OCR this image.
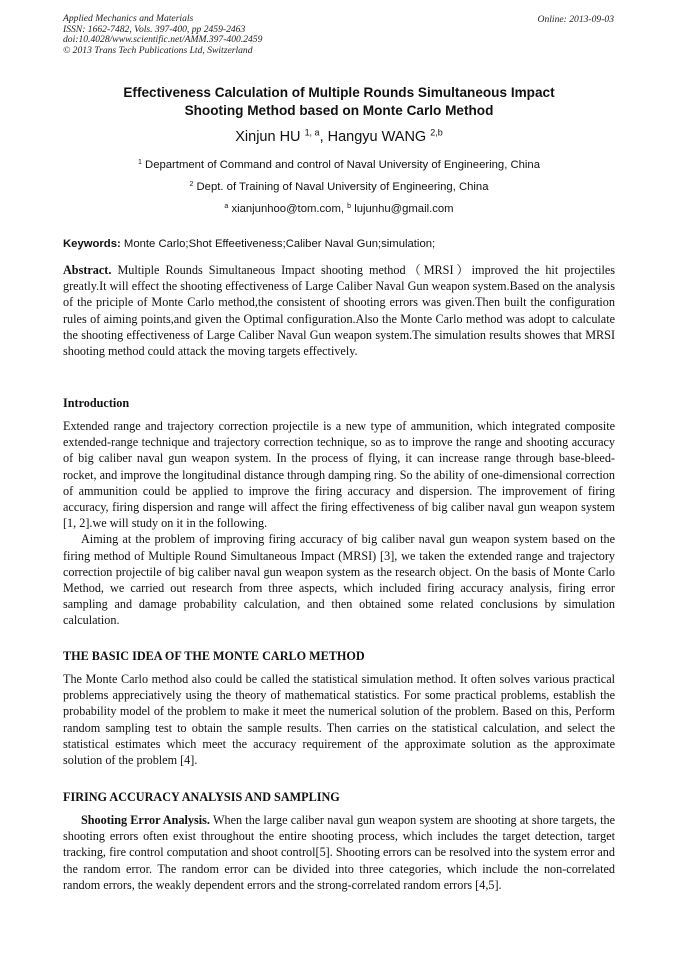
Applied Mechanics and Materials
ISSN: 1662-7482, Vols. 397-400, pp 2459-2463
doi:10.4028/www.scientific.net/AMM.397-400.2459
© 2013 Trans Tech Publications Ltd, Switzerland
Online: 2013-09-03
Effectiveness Calculation of Multiple Rounds Simultaneous Impact
Shooting Method based on Monte Carlo Method
Xinjun HU $^{1, a}$, Hangyu WANG $^{2,b}$
$^1$ Department of Command and control of Naval University of Engineering, China
$^2$ Dept. of Training of Naval University of Engineering, China
$^a$ xianjunhoo@tom.com, $^b$ lujunhu@gmail.com
Keywords: Monte Carlo;Shot Effeetiveness;Caliber Naval Gun;simulation;

Abstract. Multiple Rounds Simultaneous Impact shooting method（MRSI）improved the hit projectiles greatly.It will effect the shooting effectiveness of Large Caliber Naval Gun weapon system.Based on the analysis of the priciple of Monte Carlo method,the consistent of shooting errors was given.Then built the configuration rules of aiming points,and given the Optimal configuration.Also the Monte Carlo method was adopt to calculate the shooting effectiveness of Large Caliber Naval Gun weapon system.The simulation results showes that MRSI shooting method could attack the moving targets effectively.

Introduction

Extended range and trajectory correction projectile is a new type of ammunition, which integrated composite extended-range technique and trajectory correction technique, so as to improve the range and shooting accuracy of big caliber naval gun weapon system. In the process of flying, it can increase range through base-bleed-rocket, and improve the longitudinal distance through damping ring. So the ability of one-dimensional correction of ammunition could be applied to improve the firing accuracy and dispersion. The improvement of firing accuracy, firing dispersion and range will affect the firing effectiveness of big caliber naval gun weapon system [1, 2].we will study on it in the following.

Aiming at the problem of improving firing accuracy of big caliber naval gun weapon system based on the firing method of Multiple Round Simultaneous Impact (MRSI) [3], we taken the extended range and trajectory correction projectile of big caliber naval gun weapon system as the research object. On the basis of Monte Carlo Method, we carried out research from three aspects, which included firing accuracy analysis, firing error sampling and damage probability calculation, and then obtained some related conclusions by simulation calculation.

THE BASIC IDEA OF THE MONTE CARLO METHOD

The Monte Carlo method also could be called the statistical simulation method. It often solves various practical problems appreciatively using the theory of mathematical statistics. For some practical problems, establish the probability model of the problem to make it meet the numerical solution of the problem. Based on this, Perform random sampling test to obtain the sample results. Then carries on the statistical calculation, and select the statistical estimates which meet the accuracy requirement of the approximate solution as the approximate solution of the problem [4].

FIRING ACCURACY ANALYSIS AND SAMPLING

Shooting Error Analysis. When the large caliber naval gun weapon system are shooting at shore targets, the shooting errors often exist throughout the entire shooting process, which includes the target detection, target tracking, fire control computation and shoot control[5]. Shooting errors can be resolved into the system error and the random error. The random error can be divided into three categories, which include the non-correlated random errors, the weakly dependent errors and the strong-correlated random errors [4,5].
